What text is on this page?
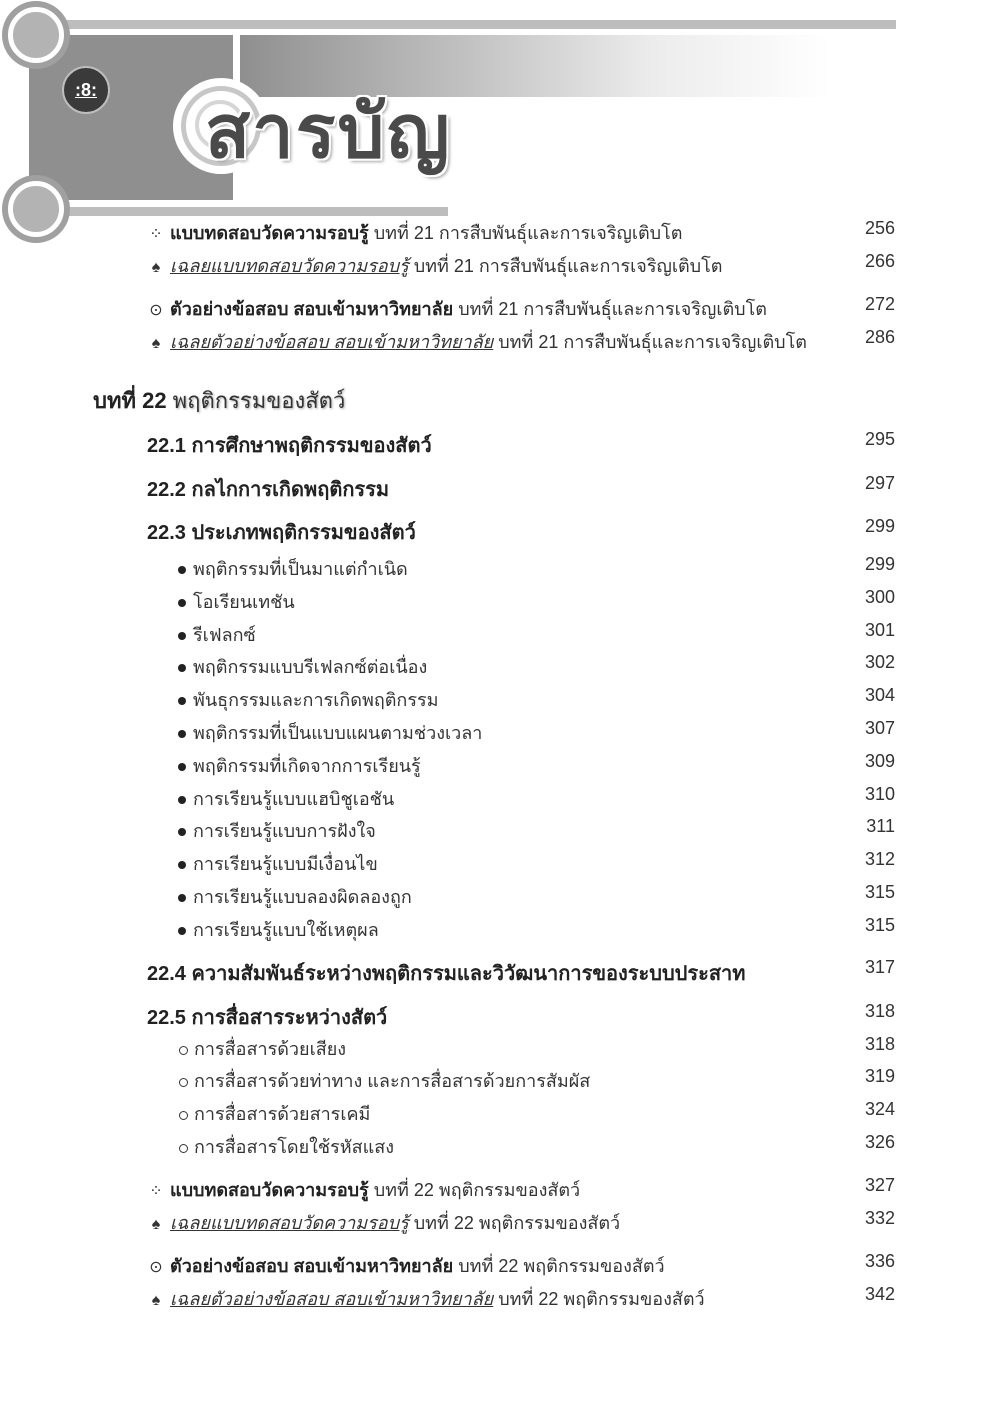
:8:
สารบัญ
⁘ แบบทดสอบวัดความรอบรู้ บทที่ 21 การสืบพันธุ์และการเจริญเติบโต	256
♠ เฉลยแบบทดสอบวัดความรอบรู้ บทที่ 21 การสืบพันธุ์และการเจริญเติบโต	266
⊙ ตัวอย่างข้อสอบ สอบเข้ามหาวิทยาลัย บทที่ 21 การสืบพันธุ์และการเจริญเติบโต	272
♠ เฉลยตัวอย่างข้อสอบ สอบเข้ามหาวิทยาลัย บทที่ 21 การสืบพันธุ์และการเจริญเติบโต	286
บทที่ 22 พฤติกรรมของสัตว์
22.1 การศึกษาพฤติกรรมของสัตว์	295
22.2 กลไกการเกิดพฤติกรรม	297
22.3 ประเภทพฤติกรรมของสัตว์	299
พฤติกรรมที่เป็นมาแต่กำเนิด	299
โอเรียนเทชัน	300
รีเฟลกซ์	301
พฤติกรรมแบบรีเฟลกซ์ต่อเนื่อง	302
พันธุกรรมและการเกิดพฤติกรรม	304
พฤติกรรมที่เป็นแบบแผนตามช่วงเวลา	307
พฤติกรรมที่เกิดจากการเรียนรู้	309
การเรียนรู้แบบแฮบิชูเอชัน	310
การเรียนรู้แบบการฝังใจ	311
การเรียนรู้แบบมีเงื่อนไข	312
การเรียนรู้แบบลองผิดลองถูก	315
การเรียนรู้แบบใช้เหตุผล	315
22.4 ความสัมพันธ์ระหว่างพฤติกรรมและวิวัฒนาการของระบบประสาท	317
22.5 การสื่อสารระหว่างสัตว์	318
การสื่อสารด้วยเสียง	318
การสื่อสารด้วยท่าทาง และการสื่อสารด้วยการสัมผัส	319
การสื่อสารด้วยสารเคมี	324
การสื่อสารโดยใช้รหัสแสง	326
⁘ แบบทดสอบวัดความรอบรู้ บทที่ 22 พฤติกรรมของสัตว์	327
♠ เฉลยแบบทดสอบวัดความรอบรู้ บทที่ 22 พฤติกรรมของสัตว์	332
⊙ ตัวอย่างข้อสอบ สอบเข้ามหาวิทยาลัย บทที่ 22 พฤติกรรมของสัตว์	336
♠ เฉลยตัวอย่างข้อสอบ สอบเข้ามหาวิทยาลัย บทที่ 22 พฤติกรรมของสัตว์	342
